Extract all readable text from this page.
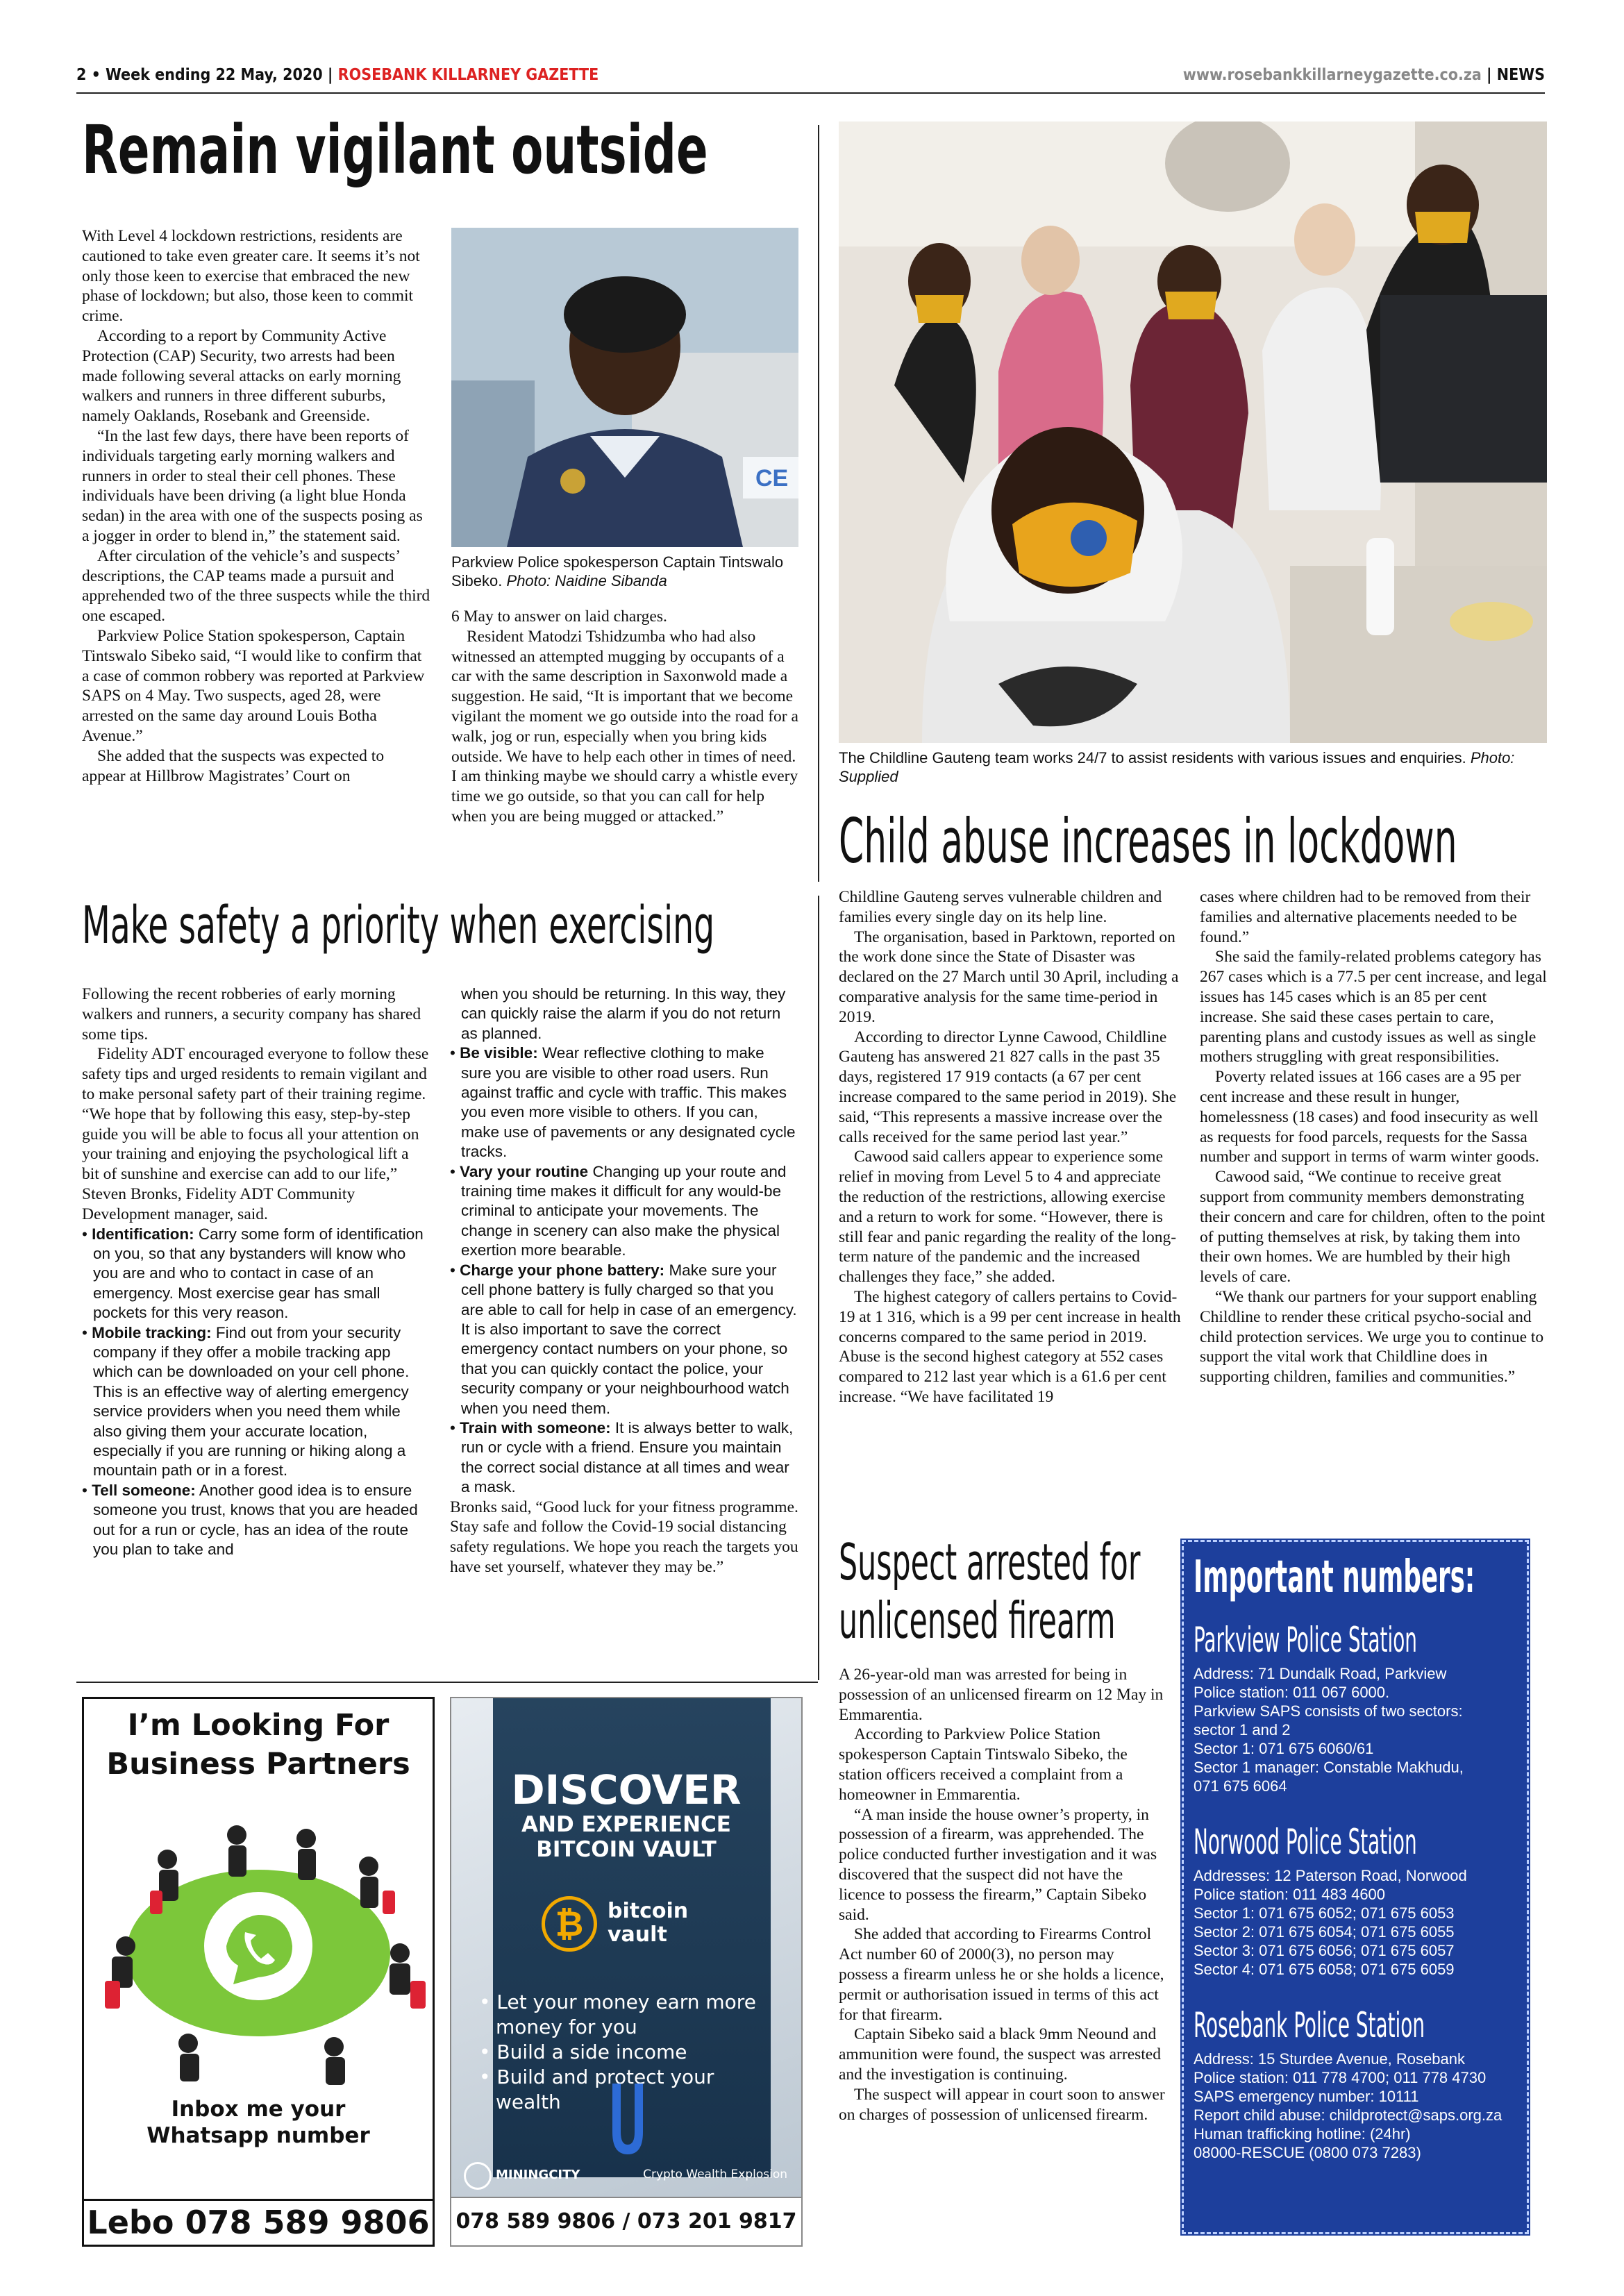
2 • Week ending 22 May, 2020 | ROSEBANK KILLARNEY GAZETTE	www.rosebankkillarneygazette.co.za | NEWS
Remain vigilant outside

With Level 4 lockdown restrictions, residents are cautioned to take even greater care. It seems it’s not only those keen to exercise that embraced the new phase of lockdown; but also, those keen to commit crime.

According to a report by Community Active Protection (CAP) Security, two arrests had been made following several attacks on early morning walkers and runners in three different suburbs, namely Oaklands, Rosebank and Greenside.

“In the last few days, there have been reports of individuals targeting early morning walkers and runners in order to steal their cell phones. These individuals have been driving (a light blue Honda sedan) in the area with one of the suspects posing as a jogger in order to blend in,” the statement said.

After circulation of the vehicle’s and suspects’ descriptions, the CAP teams made a pursuit and apprehended two of the three suspects while the third one escaped.

Parkview Police Station spokesperson, Captain Tintswalo Sibeko said, “I would like to confirm that a case of common robbery was reported at Parkview SAPS on 4 May. Two suspects, aged 28, were arrested on the same day around Louis Botha Avenue.”

She added that the suspects was expected to appear at Hillbrow Magistrates’ Court on

CE
Parkview Police spokesperson Captain Tintswalo Sibeko. Photo: Naidine Sibanda

6 May to answer on laid charges.

Resident Matodzi Tshidzumba who had also witnessed an attempted mugging by occupants of a car with the same description in Saxonwold made a suggestion. He said, “It is important that we become vigilant the moment we go outside into the road for a walk, jog or run, especially when you bring kids outside. We have to help each other in times of need. I am thinking maybe we should carry a whistle every time we go outside, so that you can call for help when you are being mugged or attacked.”

Make safety a priority when exercising

Following the recent robberies of early morning walkers and runners, a security company has shared some tips.

Fidelity ADT encouraged everyone to follow these safety tips and urged residents to remain vigilant and to make personal safety part of their training regime. “We hope that by following this easy, step-by-step guide you will be able to focus all your attention on your training and enjoying the psychological lift a bit of sunshine and exercise can add to our life,” Steven Bronks, Fidelity ADT Community Development manager, said.

• Identification: Carry some form of identification on you, so that any bystanders will know who you are and who to contact in case of an emergency. Most exercise gear has small pockets for this very reason.

• Mobile tracking: Find out from your security company if they offer a mobile tracking app which can be downloaded on your cell phone. This is an effective way of alerting emergency service providers when you need them while also giving them your accurate location, especially if you are running or hiking along a mountain path or in a forest.

• Tell someone: Another good idea is to ensure someone you trust, knows that you are headed out for a run or cycle, has an idea of the route you plan to take and

when you should be returning. In this way, they can quickly raise the alarm if you do not return as planned.

• Be visible: Wear reflective clothing to make sure you are visible to other road users. Run against traffic and cycle with traffic. This makes you even more visible to others. If you can, make use of pavements or any designated cycle tracks.

• Vary your routine Changing up your route and training time makes it difficult for any would-be criminal to anticipate your movements. The change in scenery can also make the physical exertion more bearable.

• Charge your phone battery: Make sure your cell phone battery is fully charged so that you are able to call for help in case of an emergency. It is also important to save the correct emergency contact numbers on your phone, so that you can quickly contact the police, your security company or your neighbourhood watch when you need them.

• Train with someone: It is always better to walk, run or cycle with a friend. Ensure you maintain the correct social distance at all times and wear a mask.

Bronks said, “Good luck for your fitness programme. Stay safe and follow the Covid-19 social distancing safety regulations. We hope you reach the targets you have set yourself, whatever they may be.”

The Childline Gauteng team works 24/7 to assist residents with various issues and enquiries. Photo: Supplied
Child abuse increases in lockdown

Childline Gauteng serves vulnerable children and families every single day on its help line.

The organisation, based in Parktown, reported on the work done since the State of Disaster was declared on the 27 March until 30 April, including a comparative analysis for the same time-period in 2019.

According to director Lynne Cawood, Childline Gauteng has answered 21 827 calls in the past 35 days, registered 17 919 contacts (a 67 per cent increase compared to the same period in 2019). She said, “This represents a massive increase over the calls received for the same period last year.”

Cawood said callers appear to experience some relief in moving from Level 5 to 4 and appreciate the reduction of the restrictions, allowing exercise and a return to work for some. “However, there is still fear and panic regarding the reality of the long-term nature of the pandemic and the increased challenges they face,” she added.

The highest category of callers pertains to Covid-19 at 1 316, which is a 99 per cent increase in health concerns compared to the same period in 2019. Abuse is the second highest category at 552 cases compared to 212 last year which is a 61.6 per cent increase. “We have facilitated 19

cases where children had to be removed from their families and alternative placements needed to be found.”

She said the family-related problems category has 267 cases which is a 77.5 per cent increase, and legal issues has 145 cases which is an 85 per cent increase. She said these cases pertain to care, parenting plans and custody issues as well as single mothers struggling with great responsibilities.

Poverty related issues at 166 cases are a 95 per cent increase and these result in hunger, homelessness (18 cases) and food insecurity as well as requests for food parcels, requests for the Sassa number and support in terms of warm winter goods.

Cawood said, “We continue to receive great support from community members demonstrating their concern and care for children, often to the point of putting themselves at risk, by taking them into their own homes. We are humbled by their high levels of care.

“We thank our partners for your support enabling Childline to render these critical psycho-social and child protection services. We urge you to continue to support the vital work that Childline does in supporting children, families and communities.”

Suspect arrested for
unlicensed firearm

A 26-year-old man was arrested for being in possession of an unlicensed firearm on 12 May in Emmarentia.

According to Parkview Police Station spokesperson Captain Tintswalo Sibeko, the station officers received a complaint from a homeowner in Emmarentia.

“A man inside the house owner’s property, in possession of a firearm, was apprehended. The police conducted further investigation and it was discovered that the suspect did not have the licence to possess the firearm,” Captain Sibeko said.

She added that according to Firearms Control Act number 60 of 2000(3), no person may possess a firearm unless he or she holds a licence, permit or authorisation issued in terms of this act for that firearm.

Captain Sibeko said a black 9mm Neound and ammunition were found, the suspect was arrested and the investigation is continuing.

The suspect will appear in court soon to answer on charges of possession of unlicensed firearm.

Important numbers:
Parkview Police Station
Address: 71 Dundalk Road, Parkview
Police station: 011 067 6000.
Parkview SAPS consists of two sectors:
sector 1 and 2
Sector 1: 071 675 6060/61
Sector 1 manager: Constable Makhudu,
071 675 6064
Norwood Police Station
Addresses: 12 Paterson Road, Norwood
Police station: 011 483 4600
Sector 1: 071 675 6052; 071 675 6053
Sector 2: 071 675 6054; 071 675 6055
Sector 3: 071 675 6056; 071 675 6057
Sector 4: 071 675 6058; 071 675 6059
Rosebank Police Station
Address: 15 Sturdee Avenue, Rosebank
Police station: 011 778 4700; 011 778 4730
SAPS emergency number: 10111
Report child abuse: childprotect@saps.org.za
Human trafficking hotline: (24hr)
08000-RESCUE (0800 073 7283)
I’m Looking For
Business Partners
Inbox me your
Whatsapp number
Lebo 078 589 9806
DISCOVER
AND EXPERIENCE
BITCOIN VAULT
₿	bitcoin
vault
• Let your money earn more money for you
• Build a side income
• Build and protect your wealth
MININGCITY	Crypto Wealth Explosion
078 589 9806 / 073 201 9817
